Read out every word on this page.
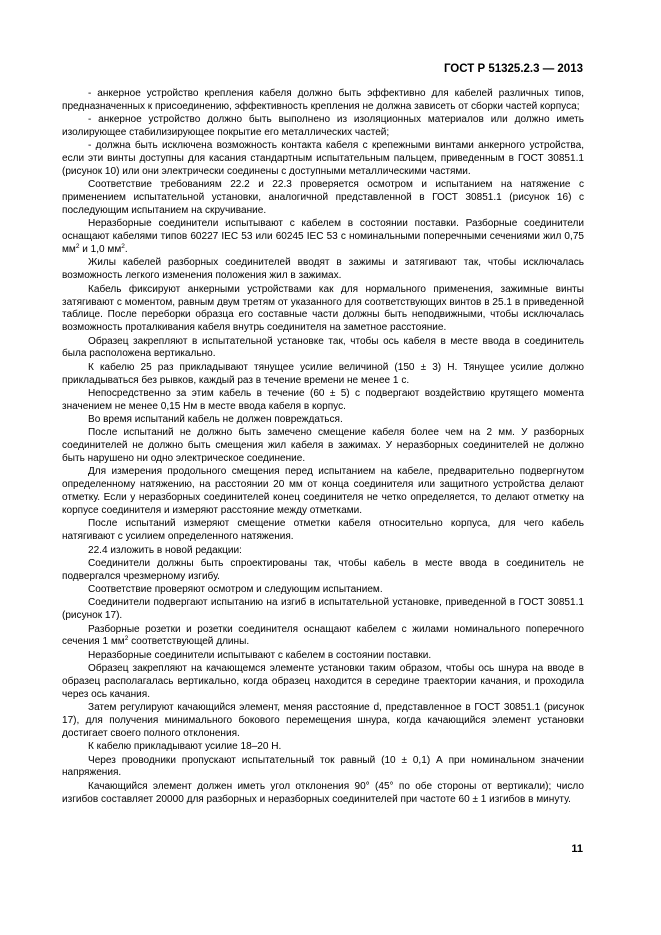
ГОСТ Р 51325.2.3 — 2013

- анкерное устройство крепления кабеля должно быть эффективно для кабелей различных типов, предназначенных к присоединению, эффективность крепления не должна зависеть от сборки частей корпуса;

- анкерное устройство должно быть выполнено из изоляционных материалов или должно иметь изолирующее стабилизирующее покрытие его металлических частей;

- должна быть исключена возможность контакта кабеля с крепежными винтами анкерного устройства, если эти винты доступны для касания стандартным испытательным пальцем, приведенным в ГОСТ 30851.1 (рисунок 10) или они электрически соединены с доступными металлическими частями.

Соответствие требованиям 22.2 и 22.3 проверяется осмотром и испытанием на натяжение с применением испытательной установки, аналогичной представленной в ГОСТ 30851.1 (рисунок 16) с последующим испытанием на скручивание.

Неразборные соединители испытывают с кабелем в состоянии поставки. Разборные соединители оснащают кабелями типов 60227 IEC 53 или 60245 IEC 53 с номинальными поперечными сечениями жил 0,75 $мм^2$ и 1,0 $мм^2$.

Жилы кабелей разборных соединителей вводят в зажимы и затягивают так, чтобы исключалась возможность легкого изменения положения жил в зажимах.

Кабель фиксируют анкерными устройствами как для нормального применения, зажимные винты затягивают с моментом, равным двум третям от указанного для соответствующих винтов в 25.1 в приведенной таблице. После переборки образца его составные части должны быть неподвижными, чтобы исключалась возможность проталкивания кабеля внутрь соединителя на заметное расстояние.

Образец закрепляют в испытательной установке так, чтобы ось кабеля в месте ввода в соединитель была расположена вертикально.

К кабелю 25 раз прикладывают тянущее усилие величиной (150 ± 3) Н. Тянущее усилие должно прикладываться без рывков, каждый раз в течение времени не менее 1 с.

Непосредственно за этим кабель в течение (60 ± 5) с подвергают воздействию крутящего момента значением не менее 0,15 Нм в месте ввода кабеля в корпус.

Во время испытаний кабель не должен повреждаться.

После испытаний не должно быть замечено смещение кабеля более чем на 2 мм. У разборных соединителей не должно быть смещения жил кабеля в зажимах. У неразборных соединителей не должно быть нарушено ни одно электрическое соединение.

Для измерения продольного смещения перед испытанием на кабеле, предварительно подвергнутом определенному натяжению, на расстоянии 20 мм от конца соединителя или защитного устройства делают отметку. Если у неразборных соединителей конец соединителя не четко определяется, то делают отметку на корпусе соединителя и измеряют расстояние между отметками.

После испытаний измеряют смещение отметки кабеля относительно корпуса, для чего кабель натягивают с усилием определенного натяжения.

22.4 изложить в новой редакции:

Соединители должны быть спроектированы так, чтобы кабель в месте ввода в соединитель не подвергался чрезмерному изгибу.

Соответствие проверяют осмотром и следующим испытанием.

Соединители подвергают испытанию на изгиб в испытательной установке, приведенной в ГОСТ 30851.1 (рисунок 17).

Разборные розетки и розетки соединителя оснащают кабелем с жилами номинального поперечного сечения 1 $мм^2$ соответствующей длины.

Неразборные соединители испытывают с кабелем в состоянии поставки.

Образец закрепляют на качающемся элементе установки таким образом, чтобы ось шнура на вводе в образец располагалась вертикально, когда образец находится в середине траектории качания, и проходила через ось качания.

Затем регулируют качающийся элемент, меняя расстояние d, представленное в ГОСТ 30851.1 (рисунок 17), для получения минимального бокового перемещения шнура, когда качающийся элемент установки достигает своего полного отклонения.

К кабелю прикладывают усилие 18–20 Н.

Через проводники пропускают испытательный ток равный (10 ± 0,1) А при номинальном значении напряжения.

Качающийся элемент должен иметь угол отклонения 90° (45° по обе стороны от вертикали); число изгибов составляет 20000 для разборных и неразборных соединителей при частоте 60 ± 1 изгибов в минуту.

11
